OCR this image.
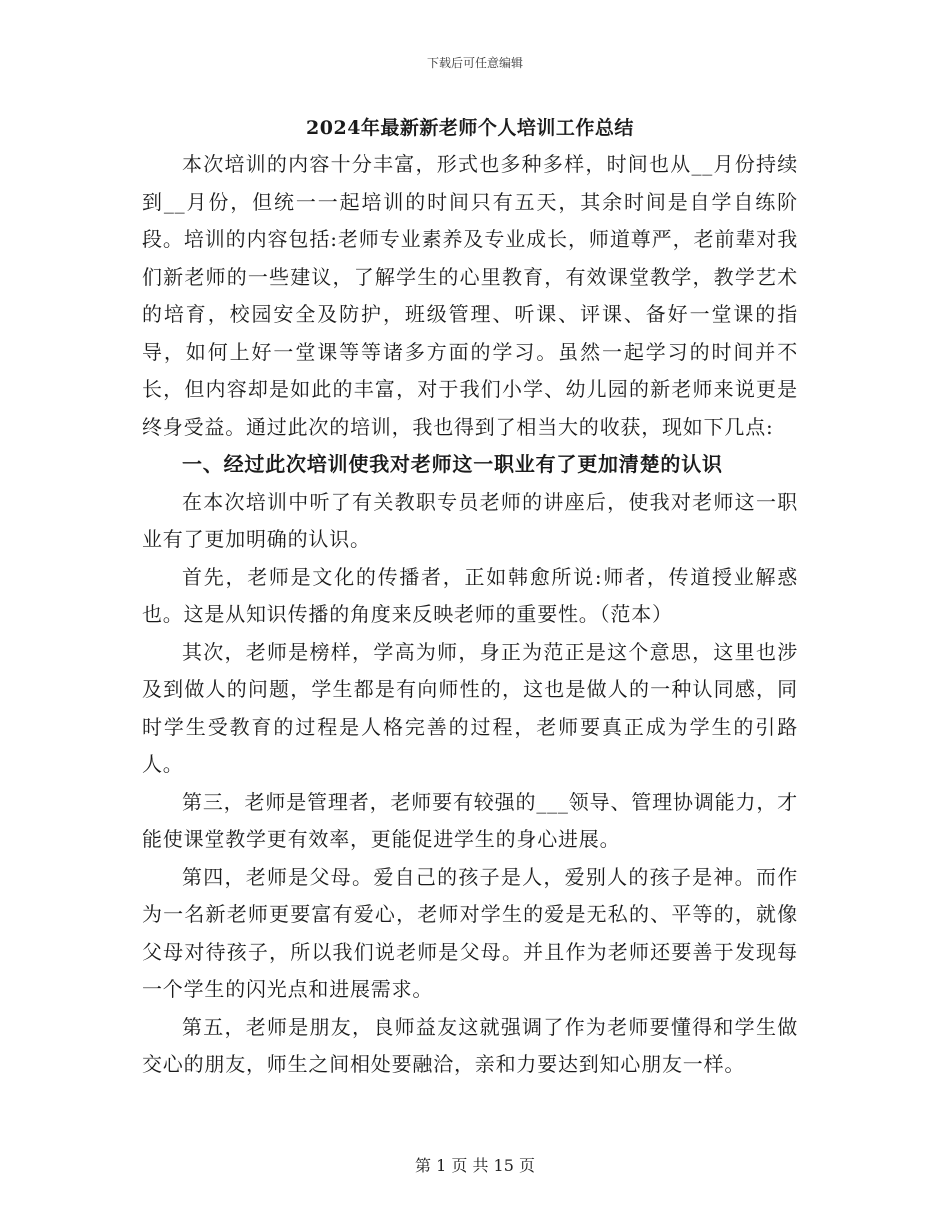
下载后可任意编辑
2024年最新新老师个人培训工作总结

本次培训的内容十分丰富，形式也多种多样，时间也从__月份持续到__月份，但统一一起培训的时间只有五天，其余时间是自学自练阶段。培训的内容包括:老师专业素养及专业成长，师道尊严，老前辈对我们新老师的一些建议，了解学生的心里教育，有效课堂教学，教学艺术的培育，校园安全及防护，班级管理、听课、评课、备好一堂课的指导，如何上好一堂课等等诸多方面的学习。虽然一起学习的时间并不长，但内容却是如此的丰富，对于我们小学、幼儿园的新老师来说更是终身受益。通过此次的培训，我也得到了相当大的收获，现如下几点:

一、经过此次培训使我对老师这一职业有了更加清楚的认识

在本次培训中听了有关教职专员老师的讲座后，使我对老师这一职业有了更加明确的认识。

首先，老师是文化的传播者，正如韩愈所说:师者，传道授业解惑也。这是从知识传播的角度来反映老师的重要性。（范本）

其次，老师是榜样，学高为师，身正为范正是这个意思，这里也涉及到做人的问题，学生都是有向师性的，这也是做人的一种认同感，同时学生受教育的过程是人格完善的过程，老师要真正成为学生的引路人。

第三，老师是管理者，老师要有较强的___领导、管理协调能力，才能使课堂教学更有效率，更能促进学生的身心进展。

第四，老师是父母。爱自己的孩子是人，爱别人的孩子是神。而作为一名新老师更要富有爱心，老师对学生的爱是无私的、平等的，就像父母对待孩子，所以我们说老师是父母。并且作为老师还要善于发现每一个学生的闪光点和进展需求。

第五，老师是朋友，良师益友这就强调了作为老师要懂得和学生做交心的朋友，师生之间相处要融洽，亲和力要达到知心朋友一样。

第 1 页 共 15 页
